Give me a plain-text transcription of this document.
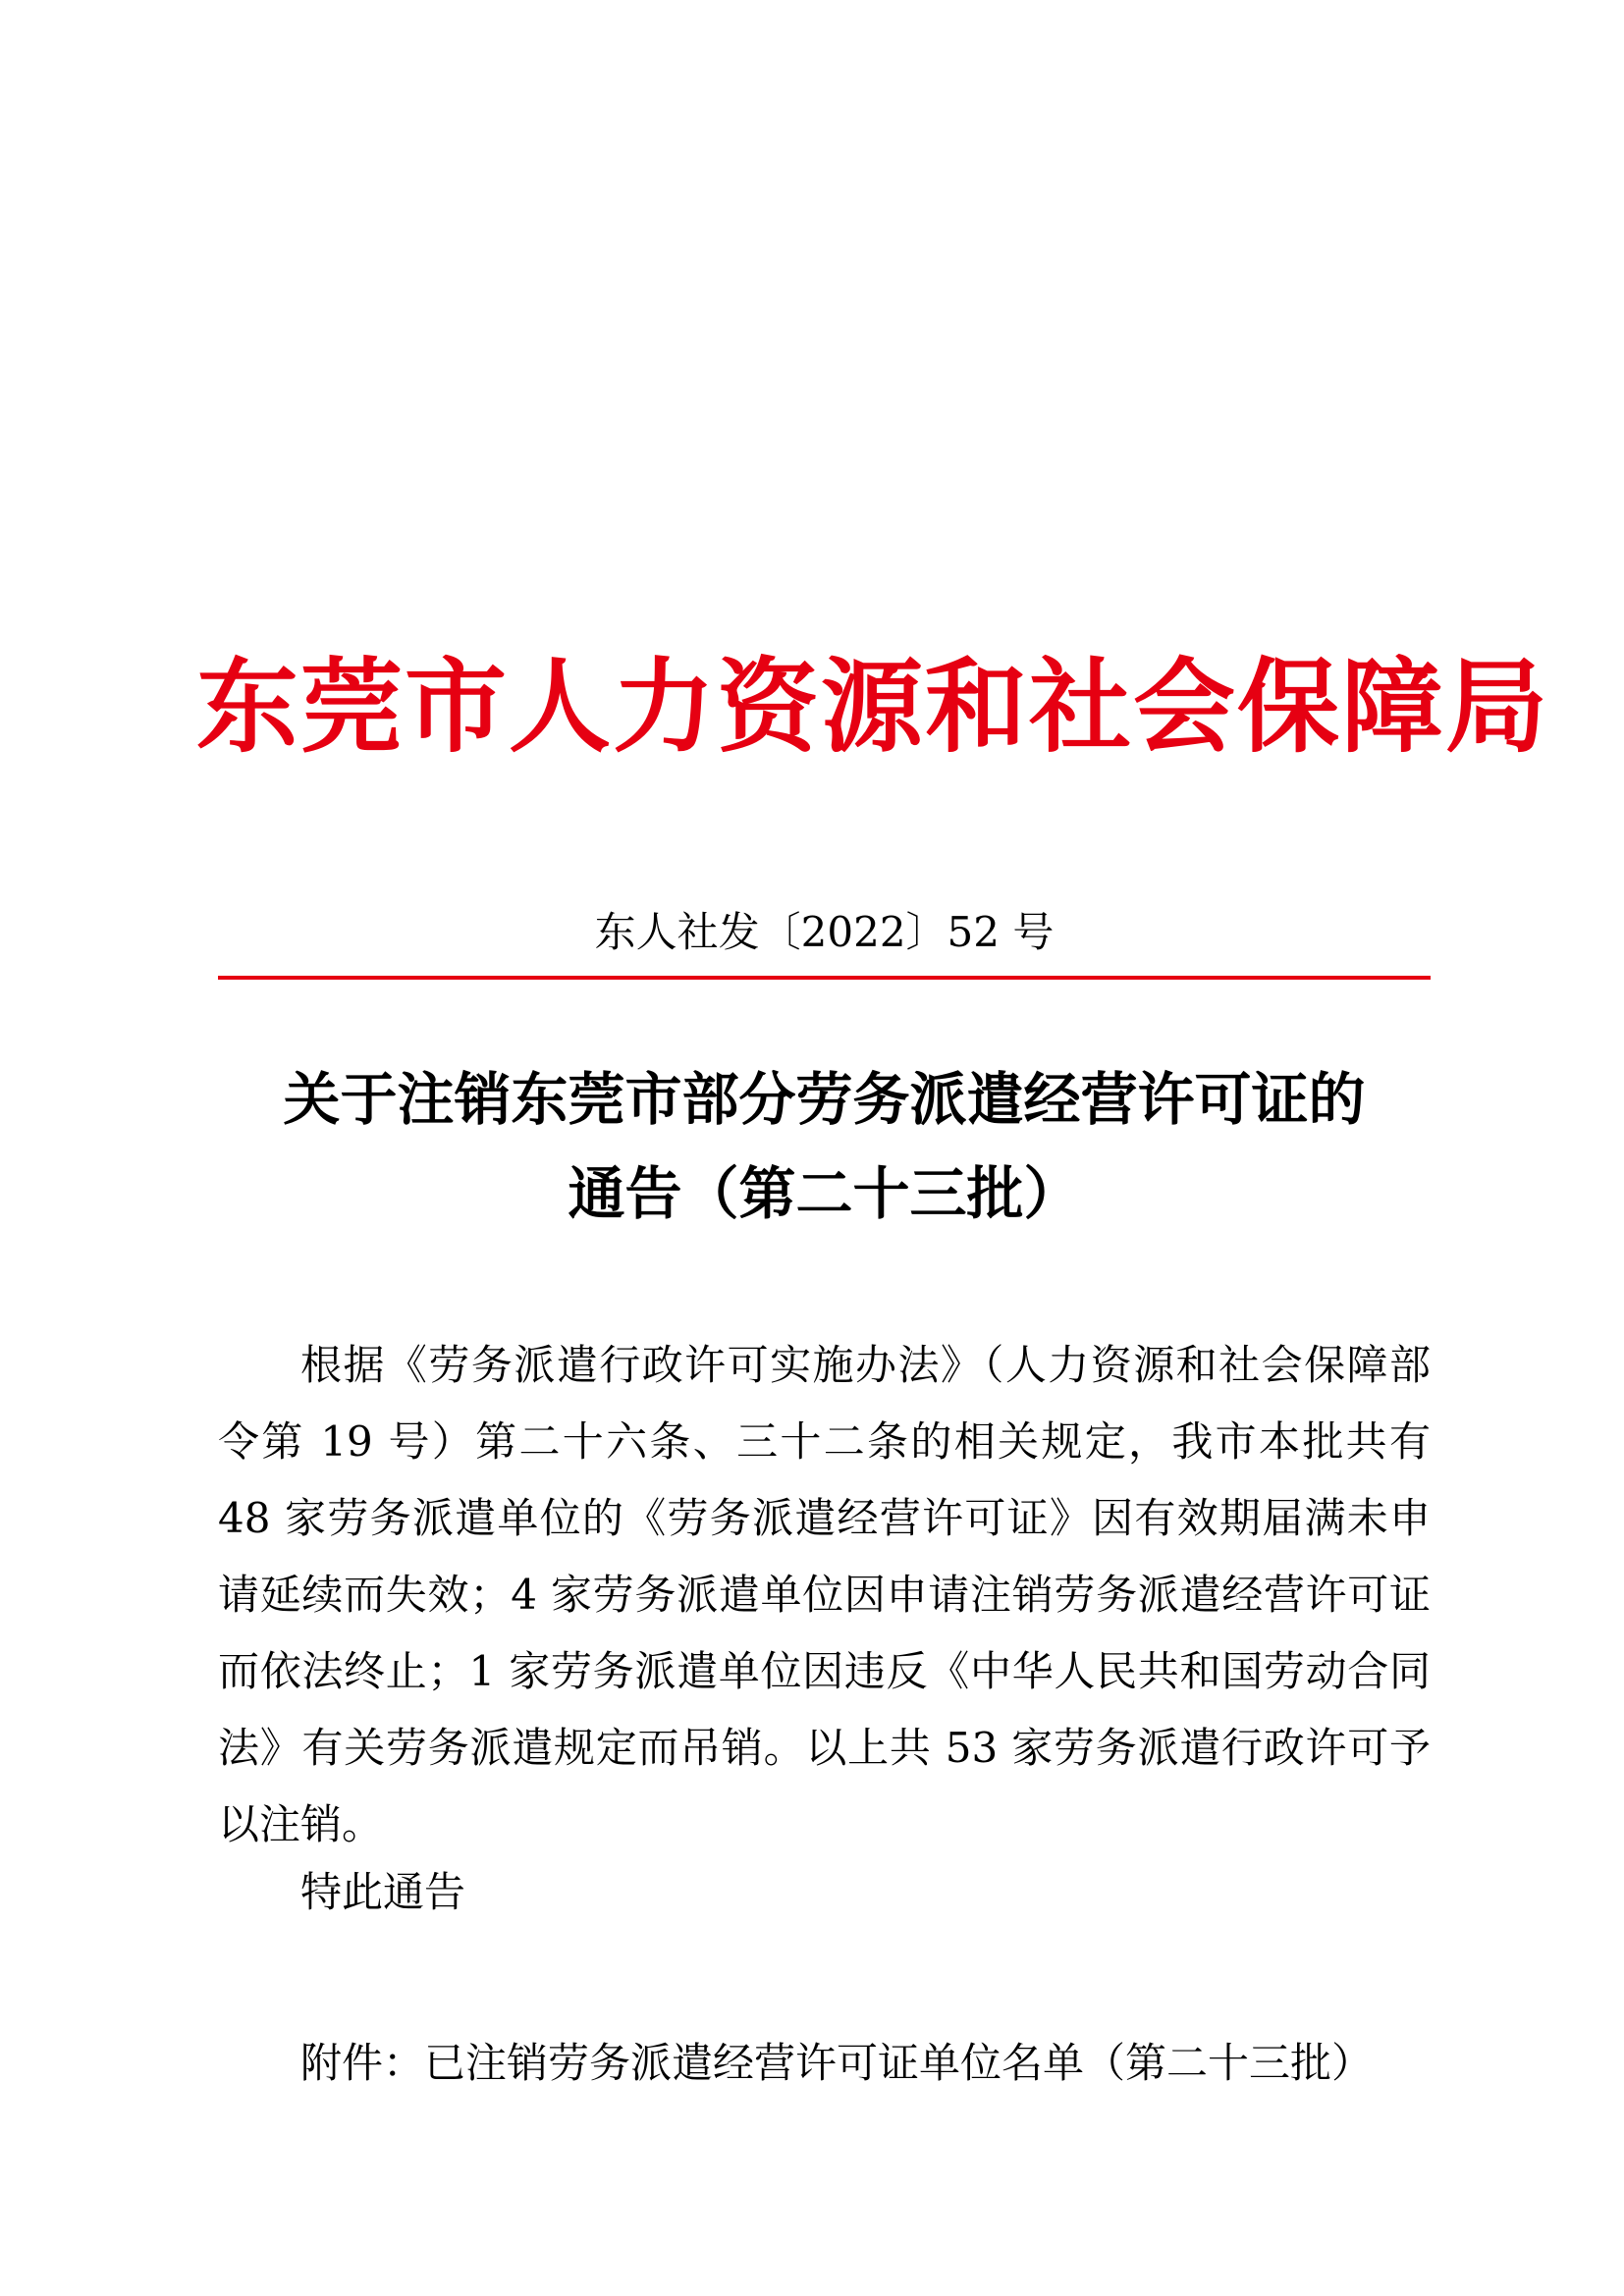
东莞市人力资源和社会保障局
东人社发〔2022〕52 号
关于注销东莞市部分劳务派遣经营许可证的
通告（第二十三批）
根据《劳务派遣行政许可实施办法》（人力资源和社会保障部令第 19 号）第二十六条、三十二条的相关规定，我市本批共有 48 家劳务派遣单位的《劳务派遣经营许可证》因有效期届满未申请延续而失效；4 家劳务派遣单位因申请注销劳务派遣经营许可证而依法终止；1 家劳务派遣单位因违反《中华人民共和国劳动合同法》有关劳务派遣规定而吊销。以上共 53 家劳务派遣行政许可予以注销。
特此通告
附件：已注销劳务派遣经营许可证单位名单（第二十三批）
